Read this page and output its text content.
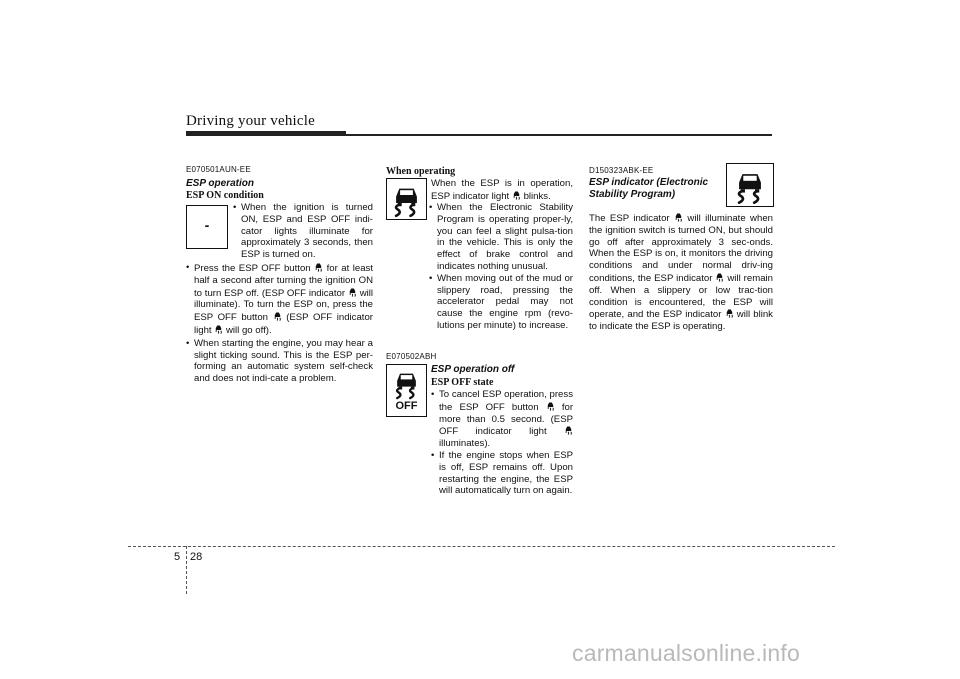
Driving your vehicle
E070501AUN-EE
ESP operation
ESP ON condition
-
• When the ignition is turned ON, ESP and ESP OFF indi-cator lights illuminate for approximately 3 seconds, then ESP is turned on.
• Press the ESP OFF button for at least half a second after turning the ignition ON to turn ESP off. (ESP OFF indicator will illuminate). To turn the ESP on, press the ESP OFF button (ESP OFF indicator light will go off).
• When starting the engine, you may hear a slight ticking sound. This is the ESP per-forming an automatic system self-check and does not indi-cate a problem.
When operating
When the ESP is in operation, ESP indicator light blinks.
• When the Electronic Stability Program is operating proper-ly, you can feel a slight pulsa-tion in the vehicle. This is only the effect of brake control and indicates nothing unusual.
• When moving out of the mud or slippery road, pressing the accelerator pedal may not cause the engine rpm (revo-lutions per minute) to increase.
E070502ABH
ESP operation off
ESP OFF state
OFF
• To cancel ESP operation, press the ESP OFF button for more than 0.5 second. (ESP OFF indicator light  illuminates).
• If the engine stops when ESP is off, ESP remains off. Upon restarting the engine, the ESP will automatically turn on again.
D150323ABK-EE
ESP indicator (Electronic Stability Program)
The ESP indicator will illuminate when the ignition switch is turned ON, but should go off after approximately 3 sec-onds. When the ESP is on, it monitors the driving conditions and under normal driv-ing conditions, the ESP indicator will remain off. When a slippery or low trac-tion condition is encountered, the ESP will operate, and the ESP indicator will blink to indicate the ESP is operating.
5 28
carmanualsonline.info
